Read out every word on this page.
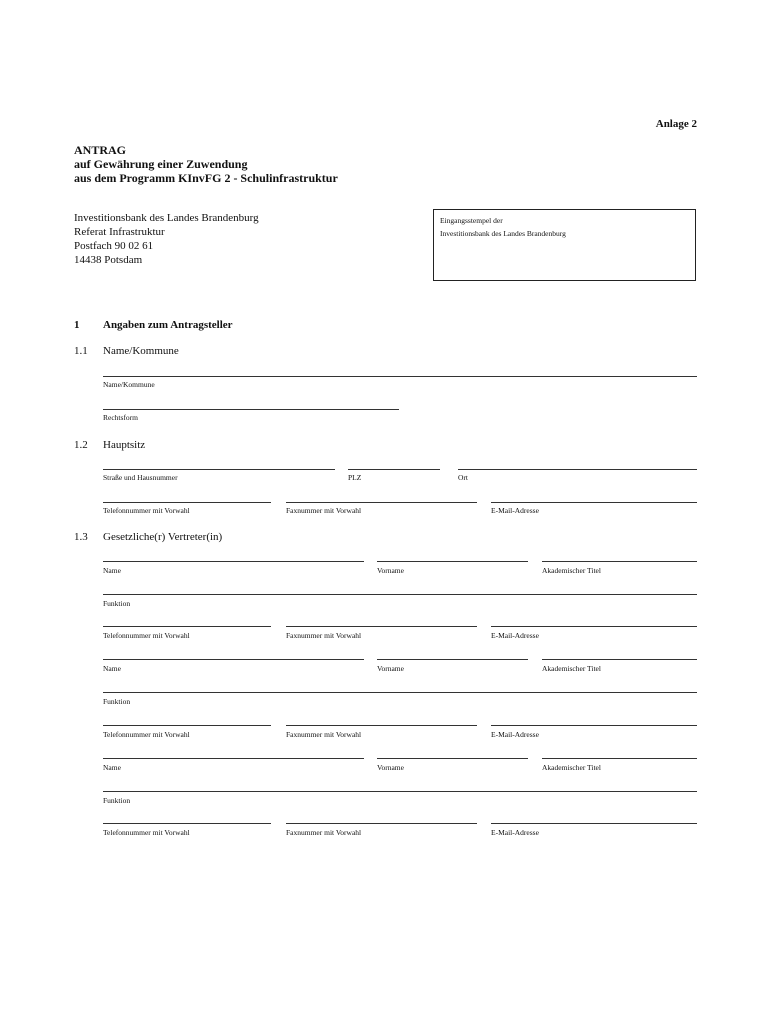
Anlage 2
ANTRAG
auf Gewährung einer Zuwendung
aus dem Programm KInvFG 2 - Schulinfrastruktur
Investitionsbank des Landes Brandenburg
Referat Infrastruktur
Postfach 90 02 61
14438 Potsdam
Eingangsstempel der
Investitionsbank des Landes Brandenburg
1 Angaben zum Antragsteller
1.1 Name/Kommune
Name/Kommune
Rechtsform
1.2 Hauptsitz
Straße und Hausnummer	PLZ	Ort
Telefonnummer mit Vorwahl	Faxnummer mit Vorwahl	E-Mail-Adresse
1.3 Gesetzliche(r) Vertreter(in)
Name	Vorname	Akademischer Titel
Funktion
Telefonnummer mit Vorwahl	Faxnummer mit Vorwahl	E-Mail-Adresse
Name	Vorname	Akademischer Titel
Funktion
Telefonnummer mit Vorwahl	Faxnummer mit Vorwahl	E-Mail-Adresse
Name	Vorname	Akademischer Titel
Funktion
Telefonnummer mit Vorwahl	Faxnummer mit Vorwahl	E-Mail-Adresse
